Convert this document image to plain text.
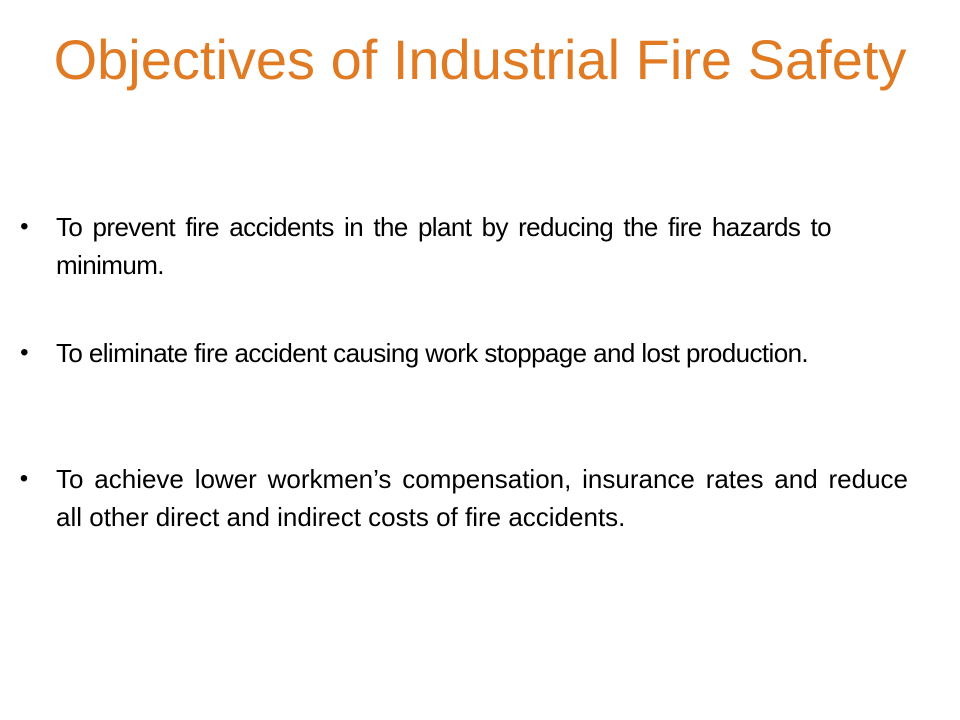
Objectives of Industrial Fire Safety
• To prevent fire accidents in the plant by reducing the fire hazards to minimum.
• To eliminate fire accident causing work stoppage and lost production.
• To achieve lower workmen’s compensation, insurance rates and reduce all other direct and indirect costs of fire accidents.
